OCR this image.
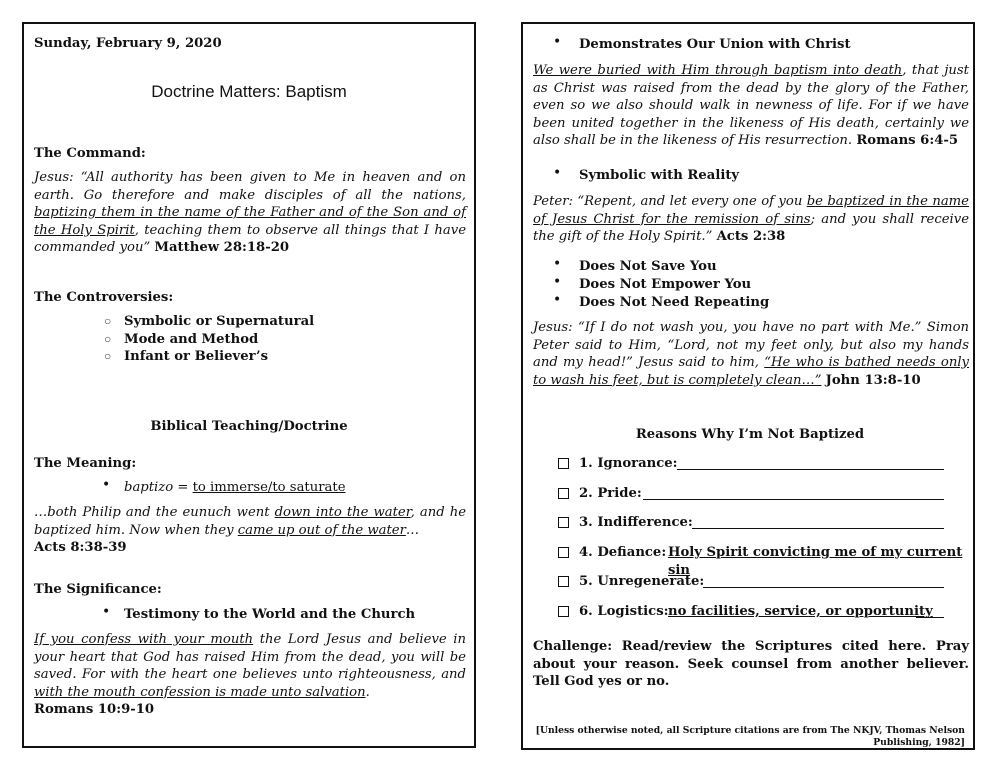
Sunday, February 9, 2020
Doctrine Matters: Baptism
The Command:
Jesus: “All authority has been given to Me in heaven and on earth. Go therefore and make disciples of all the nations, baptizing them in the name of the Father and of the Son and of the Holy Spirit, teaching them to observe all things that I have commanded you” Matthew 28:18-20
The Controversies:
○ Symbolic or Supernatural
○ Mode and Method
○ Infant or Believer’s
Biblical Teaching/Doctrine
The Meaning:
• baptizo = to immerse/to saturate
…both Philip and the eunuch went down into the water, and he baptized him. Now when they came up out of the water…
Acts 8:38-39
The Significance:
• Testimony to the World and the Church
If you confess with your mouth the Lord Jesus and believe in your heart that God has raised Him from the dead, you will be saved. For with the heart one believes unto righteousness, and with the mouth confession is made unto salvation.
Romans 10:9-10
• Demonstrates Our Union with Christ
We were buried with Him through baptism into death, that just as Christ was raised from the dead by the glory of the Father, even so we also should walk in newness of life. For if we have been united together in the likeness of His death, certainly we also shall be in the likeness of His resurrection. Romans 6:4-5
• Symbolic with Reality
Peter: “Repent, and let every one of you be baptized in the name of Jesus Christ for the remission of sins; and you shall receive the gift of the Holy Spirit.” Acts 2:38
• Does Not Save You
• Does Not Empower You
• Does Not Need Repeating
Jesus: “If I do not wash you, you have no part with Me.” Simon Peter said to Him, “Lord, not my feet only, but also my hands and my head!” Jesus said to him, “He who is bathed needs only to wash his feet, but is completely clean…” John 13:8-10
Reasons Why I’m Not Baptized
1. Ignorance:
2. Pride:
3. Indifference:
4. Defiance: Holy Spirit convicting me of my current sin
5. Unregenerate:
6. Logistics: no facilities, service, or opportunity
Challenge: Read/review the Scriptures cited here. Pray about your reason. Seek counsel from another believer. Tell God yes or no.
[Unless otherwise noted, all Scripture citations are from The NKJV, Thomas Nelson Publishing, 1982]
